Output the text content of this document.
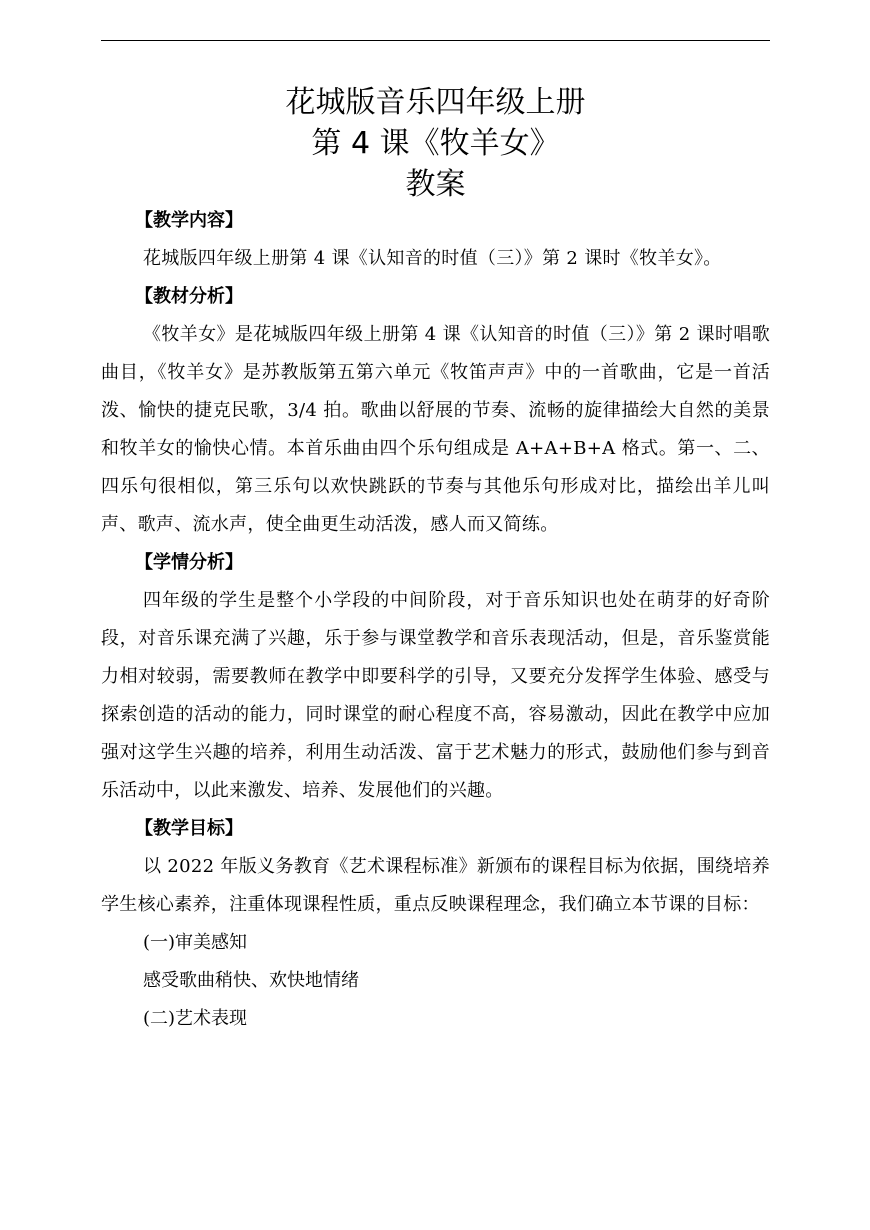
花城版音乐四年级上册
第 4 课《牧羊女》
教案
【教学内容】

花城版四年级上册第 4 课《认知音的时值（三）》第 2 课时《牧羊女》。

【教材分析】

《牧羊女》是花城版四年级上册第 4 课《认知音的时值（三）》第 2 课时唱歌曲目，《牧羊女》是苏教版第五第六单元《牧笛声声》中的一首歌曲，它是一首活泼、愉快的捷克民歌，3/4 拍。歌曲以舒展的节奏、流畅的旋律描绘大自然的美景和牧羊女的愉快心情。本首乐曲由四个乐句组成是 A+A+B+A 格式。第一、二、四乐句很相似，第三乐句以欢快跳跃的节奏与其他乐句形成对比，描绘出羊儿叫声、歌声、流水声，使全曲更生动活泼，感人而又简练。

【学情分析】

四年级的学生是整个小学段的中间阶段，对于音乐知识也处在萌芽的好奇阶段，对音乐课充满了兴趣，乐于参与课堂教学和音乐表现活动，但是，音乐鉴赏能力相对较弱，需要教师在教学中即要科学的引导，又要充分发挥学生体验、感受与探索创造的活动的能力，同时课堂的耐心程度不高，容易激动，因此在教学中应加强对这学生兴趣的培养，利用生动活泼、富于艺术魅力的形式，鼓励他们参与到音乐活动中，以此来激发、培养、发展他们的兴趣。

【教学目标】

以 2022 年版义务教育《艺术课程标准》新颁布的课程目标为依据，围绕培养学生核心素养，注重体现课程性质，重点反映课程理念，我们确立本节课的目标：

(一)审美感知

感受歌曲稍快、欢快地情绪

(二)艺术表现
